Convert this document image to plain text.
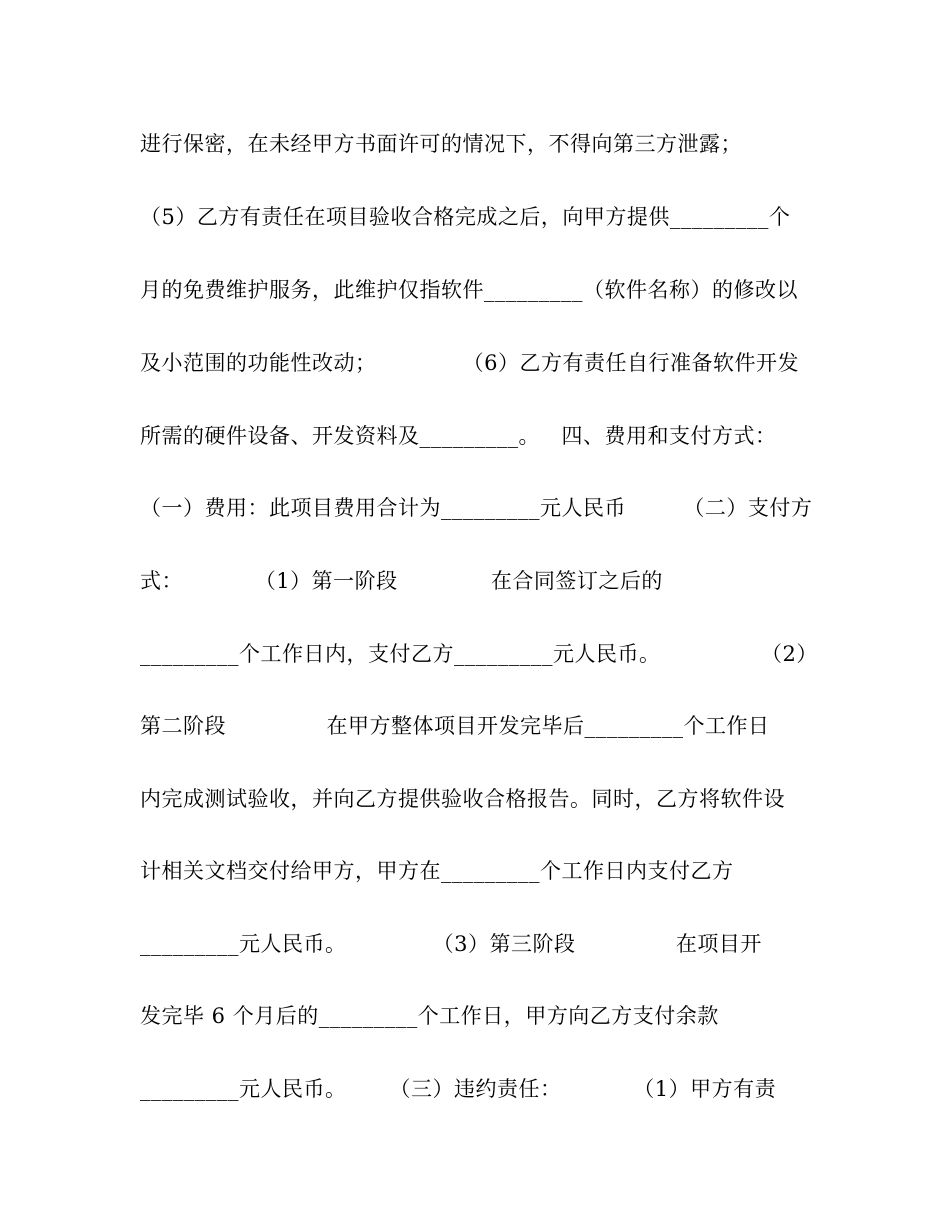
进行保密，在未经甲方书面许可的情况下，不得向第三方泄露；
（5）乙方有责任在项目验收合格完成之后，向甲方提供_________个
月的免费维护服务，此维护仅指软件_________（软件名称）的修改以
及小范围的功能性改动；            （6）乙方有责任自行准备软件开发
所需的硬件设备、开发资料及_________。   四、费用和支付方式：
（一）费用：此项目费用合计为_________元人民币        （二）支付方
式：          （1）第一阶段             在合同签订之后的
_________个工作日内，支付乙方_________元人民币。              （2）
第二阶段              在甲方整体项目开发完毕后_________个工作日
内完成测试验收，并向乙方提供验收合格报告。同时，乙方将软件设
计相关文档交付给甲方，甲方在_________个工作日内支付乙方
_________元人民币。            （3）第三阶段              在项目开
发完毕 6 个月后的_________个工作日，甲方向乙方支付余款
_________元人民币。      （三）违约责任：          （1）甲方有责
